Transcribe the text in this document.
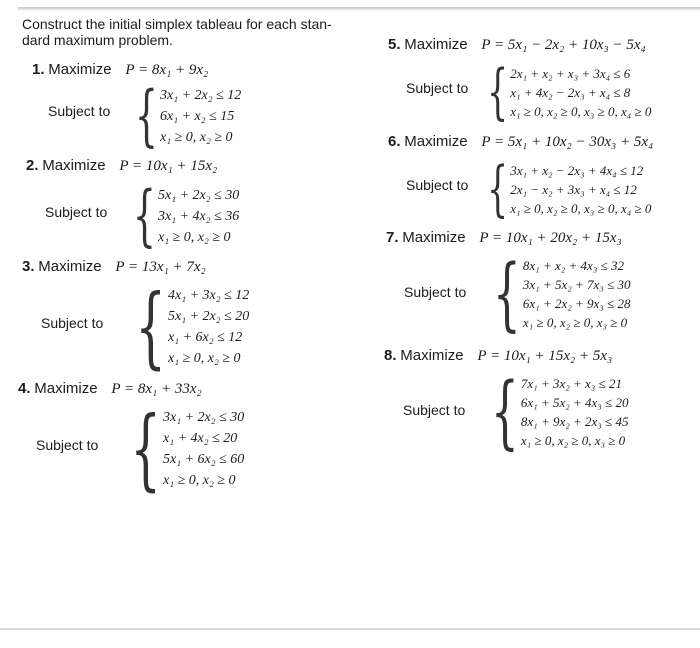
Construct the initial simplex tableau for each stan-
dard maximum problem.
1. Maximize P = 8x₁ + 9x₂
Subject to { 3x₁ + 2x₂ ≤ 12
6x₁ + x₂ ≤ 15
x₁ ≥ 0, x₂ ≥ 0
2. Maximize P = 10x₁ + 15x₂
Subject to { 5x₁ + 2x₂ ≤ 30
3x₁ + 4x₂ ≤ 36
x₁ ≥ 0, x₂ ≥ 0
3. Maximize P = 13x₁ + 7x₂
Subject to { 4x₁ + 3x₂ ≤ 12
5x₁ + 2x₂ ≤ 20
x₁ + 6x₂ ≤ 12
x₁ ≥ 0, x₂ ≥ 0
4. Maximize P = 8x₁ + 33x₂
Subject to { 3x₁ + 2x₂ ≤ 30
x₁ + 4x₂ ≤ 20
5x₁ + 6x₂ ≤ 60
x₁ ≥ 0, x₂ ≥ 0
5. Maximize P = 5x₁ − 2x₂ + 10x₃ − 5x₄
Subject to { 2x₁ + x₂ + x₃ + 3x₄ ≤ 6
x₁ + 4x₂ − 2x₃ + x₄ ≤ 8
x₁ ≥ 0, x₂ ≥ 0, x₃ ≥ 0, x₄ ≥ 0
6. Maximize P = 5x₁ + 10x₂ − 30x₃ + 5x₄
Subject to { 3x₁ + x₂ − 2x₃ + 4x₄ ≤ 12
2x₁ − x₂ + 3x₃ + x₄ ≤ 12
x₁ ≥ 0, x₂ ≥ 0, x₃ ≥ 0, x₄ ≥ 0
7. Maximize P = 10x₁ + 20x₂ + 15x₃
Subject to { 8x₁ + x₂ + 4x₃ ≤ 32
3x₁ + 5x₂ + 7x₃ ≤ 30
6x₁ + 2x₂ + 9x₃ ≤ 28
x₁ ≥ 0, x₂ ≥ 0, x₃ ≥ 0
8. Maximize P = 10x₁ + 15x₂ + 5x₃
Subject to { 7x₁ + 3x₂ + x₃ ≤ 21
6x₁ + 5x₂ + 4x₃ ≤ 20
8x₁ + 9x₂ + 2x₃ ≤ 45
x₁ ≥ 0, x₂ ≥ 0, x₃ ≥ 0
